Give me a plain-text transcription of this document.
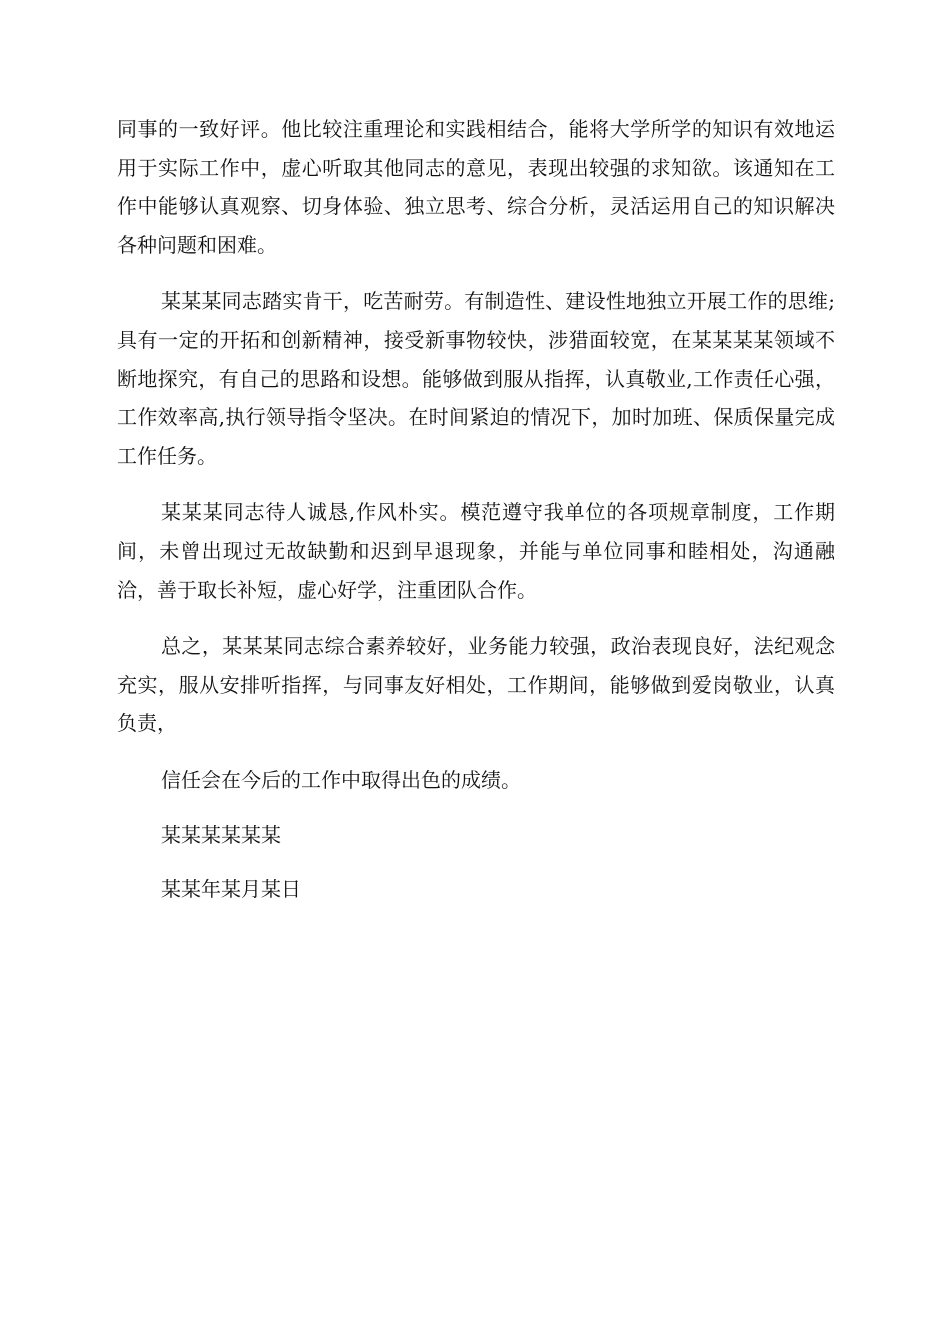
同事的一致好评。他比较注重理论和实践相结合，能将大学所学的知识有效地运用于实际工作中，虚心听取其他同志的意见，表现出较强的求知欲。该通知在工作中能够认真观察、切身体验、独立思考、综合分析，灵活运用自己的知识解决各种问题和困难。

某某某同志踏实肯干，吃苦耐劳。有制造性、建设性地独立开展工作的思维;具有一定的开拓和创新精神，接受新事物较快，涉猎面较宽，在某某某某领域不断地探究，有自己的思路和设想。能够做到服从指挥，认真敬业,工作责任心强，工作效率高,执行领导指令坚决。在时间紧迫的情况下，加时加班、保质保量完成工作任务。

某某某同志待人诚恳,作风朴实。模范遵守我单位的各项规章制度，工作期间，未曾出现过无故缺勤和迟到早退现象，并能与单位同事和睦相处，沟通融洽，善于取长补短，虚心好学，注重团队合作。

总之，某某某同志综合素养较好，业务能力较强，政治表现良好，法纪观念充实，服从安排听指挥，与同事友好相处，工作期间，能够做到爱岗敬业，认真负责，

信任会在今后的工作中取得出色的成绩。

某某某某某某

某某年某月某日
